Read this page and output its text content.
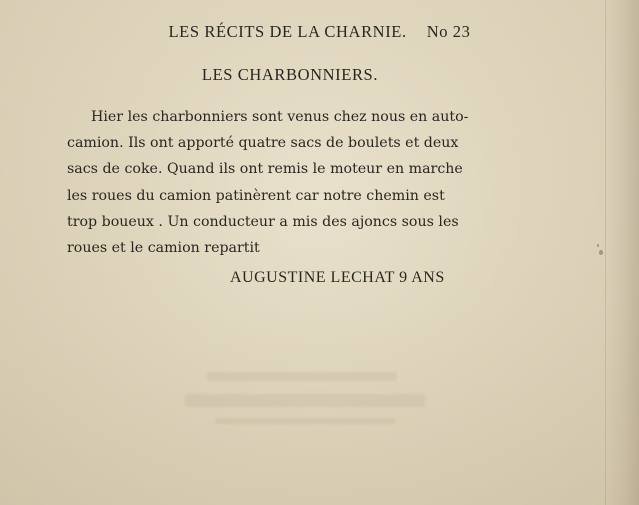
LES RÉCITS DE LA CHARNIE. No 23
LES CHARBONNIERS.
Hier les charbonniers sont venus chez nous en auto-
camion. Ils ont apporté quatre sacs de boulets et deux
sacs de coke. Quand ils ont remis le moteur en marche
les roues du camion patinèrent car notre chemin est
trop boueux . Un conducteur a mis des ajoncs sous les
roues et le camion repartit
AUGUSTINE LECHAT 9 ANS
